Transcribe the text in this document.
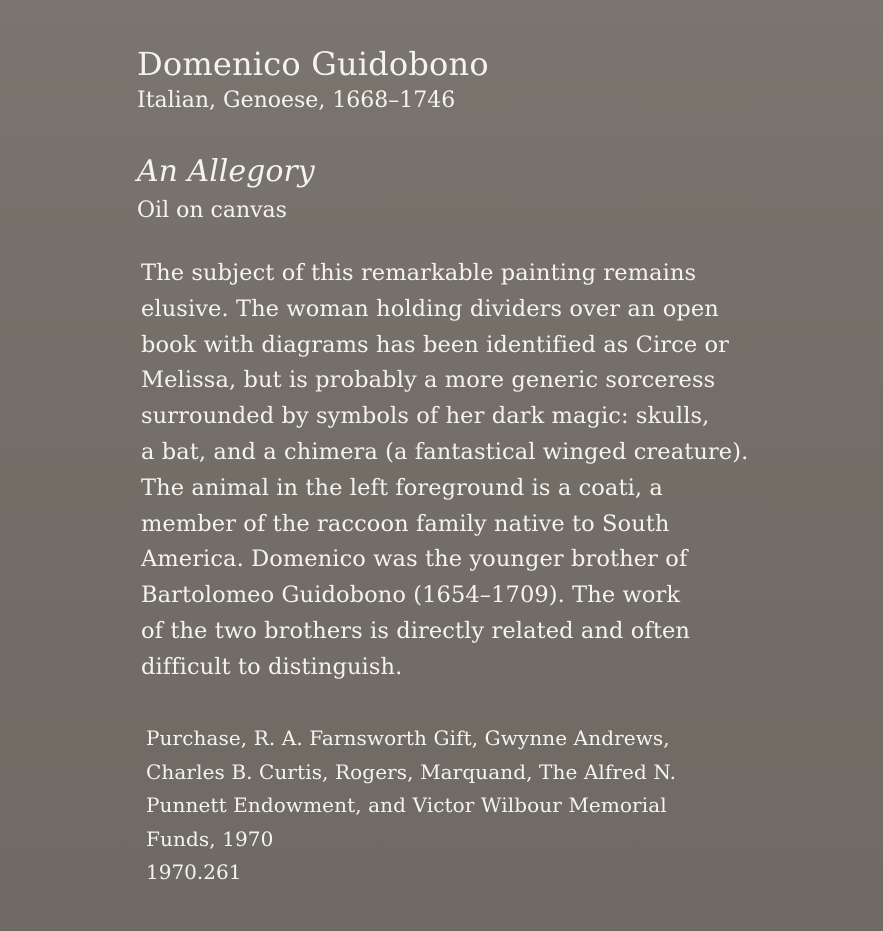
Domenico Guidobono
Italian, Genoese, 1668–1746
An Allegory
Oil on canvas
The subject of this remarkable painting remains
elusive. The woman holding dividers over an open
book with diagrams has been identified as Circe or
Melissa, but is probably a more generic sorceress
surrounded by symbols of her dark magic: skulls,
a bat, and a chimera (a fantastical winged creature).
The animal in the left foreground is a coati, a
member of the raccoon family native to South
America. Domenico was the younger brother of
Bartolomeo Guidobono (1654–1709). The work
of the two brothers is directly related and often
difficult to distinguish.
Purchase, R. A. Farnsworth Gift, Gwynne Andrews,
Charles B. Curtis, Rogers, Marquand, The Alfred N.
Punnett Endowment, and Victor Wilbour Memorial
Funds, 1970
1970.261
